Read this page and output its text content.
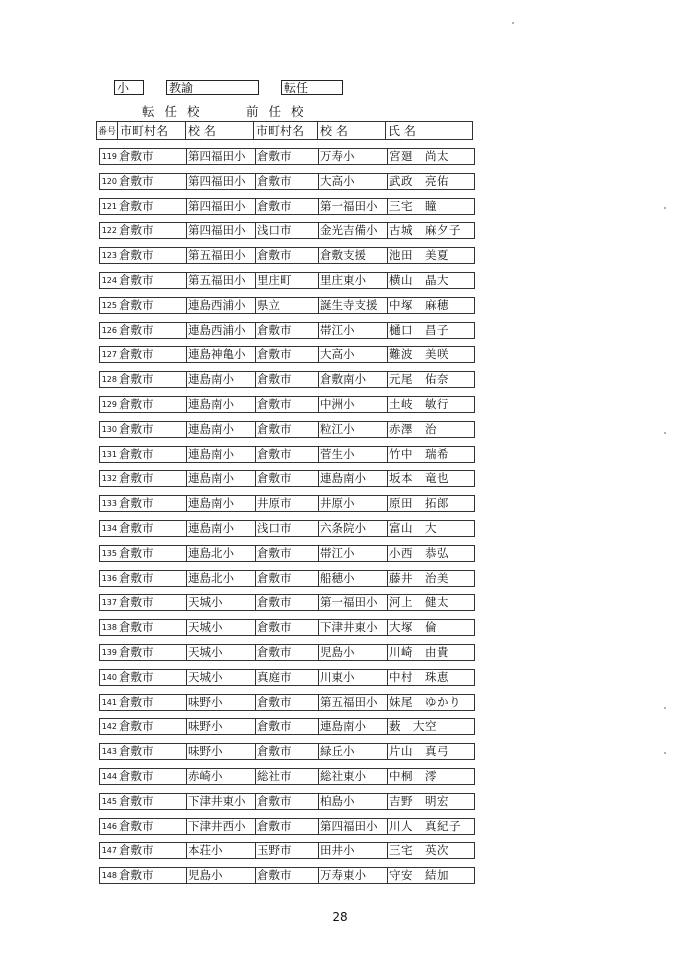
小	教諭	転任
転 任 校	前 任 校
番号	市町村名	校 名	市町村名	校 名	氏 名
119 倉敷市	第四福田小	倉敷市	万寿小	宮廻　尚太
120 倉敷市	第四福田小	倉敷市	大高小	武政　亮佑
121 倉敷市	第四福田小	倉敷市	第一福田小	三宅　瞳
122 倉敷市	第四福田小	浅口市	金光吉備小	古城　麻夕子
123 倉敷市	第五福田小	倉敷市	倉敷支援	池田　美夏
124 倉敷市	第五福田小	里庄町	里庄東小	横山　晶大
125 倉敷市	連島西浦小	県立	誕生寺支援	中塚　麻穂
126 倉敷市	連島西浦小	倉敷市	帯江小	樋口　昌子
127 倉敷市	連島神亀小	倉敷市	大高小	難波　美咲
128 倉敷市	連島南小	倉敷市	倉敷南小	元尾　佑奈
129 倉敷市	連島南小	倉敷市	中洲小	土岐　敏行
130 倉敷市	連島南小	倉敷市	粒江小	赤澤　治
131 倉敷市	連島南小	倉敷市	菅生小	竹中　瑞希
132 倉敷市	連島南小	倉敷市	連島南小	坂本　竜也
133 倉敷市	連島南小	井原市	井原小	原田　拓郎
134 倉敷市	連島南小	浅口市	六条院小	富山　大
135 倉敷市	連島北小	倉敷市	帯江小	小西　恭弘
136 倉敷市	連島北小	倉敷市	船穂小	藤井　治美
137 倉敷市	天城小	倉敷市	第一福田小	河上　健太
138 倉敷市	天城小	倉敷市	下津井東小	大塚　倫
139 倉敷市	天城小	倉敷市	児島小	川崎　由貴
140 倉敷市	天城小	真庭市	川東小	中村　珠恵
141 倉敷市	味野小	倉敷市	第五福田小	妹尾　ゆかり
142 倉敷市	味野小	倉敷市	連島南小	薮　大空
143 倉敷市	味野小	倉敷市	緑丘小	片山　真弓
144 倉敷市	赤崎小	総社市	総社東小	中桐　澪
145 倉敷市	下津井東小	倉敷市	柏島小	吉野　明宏
146 倉敷市	下津井西小	倉敷市	第四福田小	川人　真紀子
147 倉敷市	本荘小	玉野市	田井小	三宅　英次
148 倉敷市	児島小	倉敷市	万寿東小	守安　結加
28
